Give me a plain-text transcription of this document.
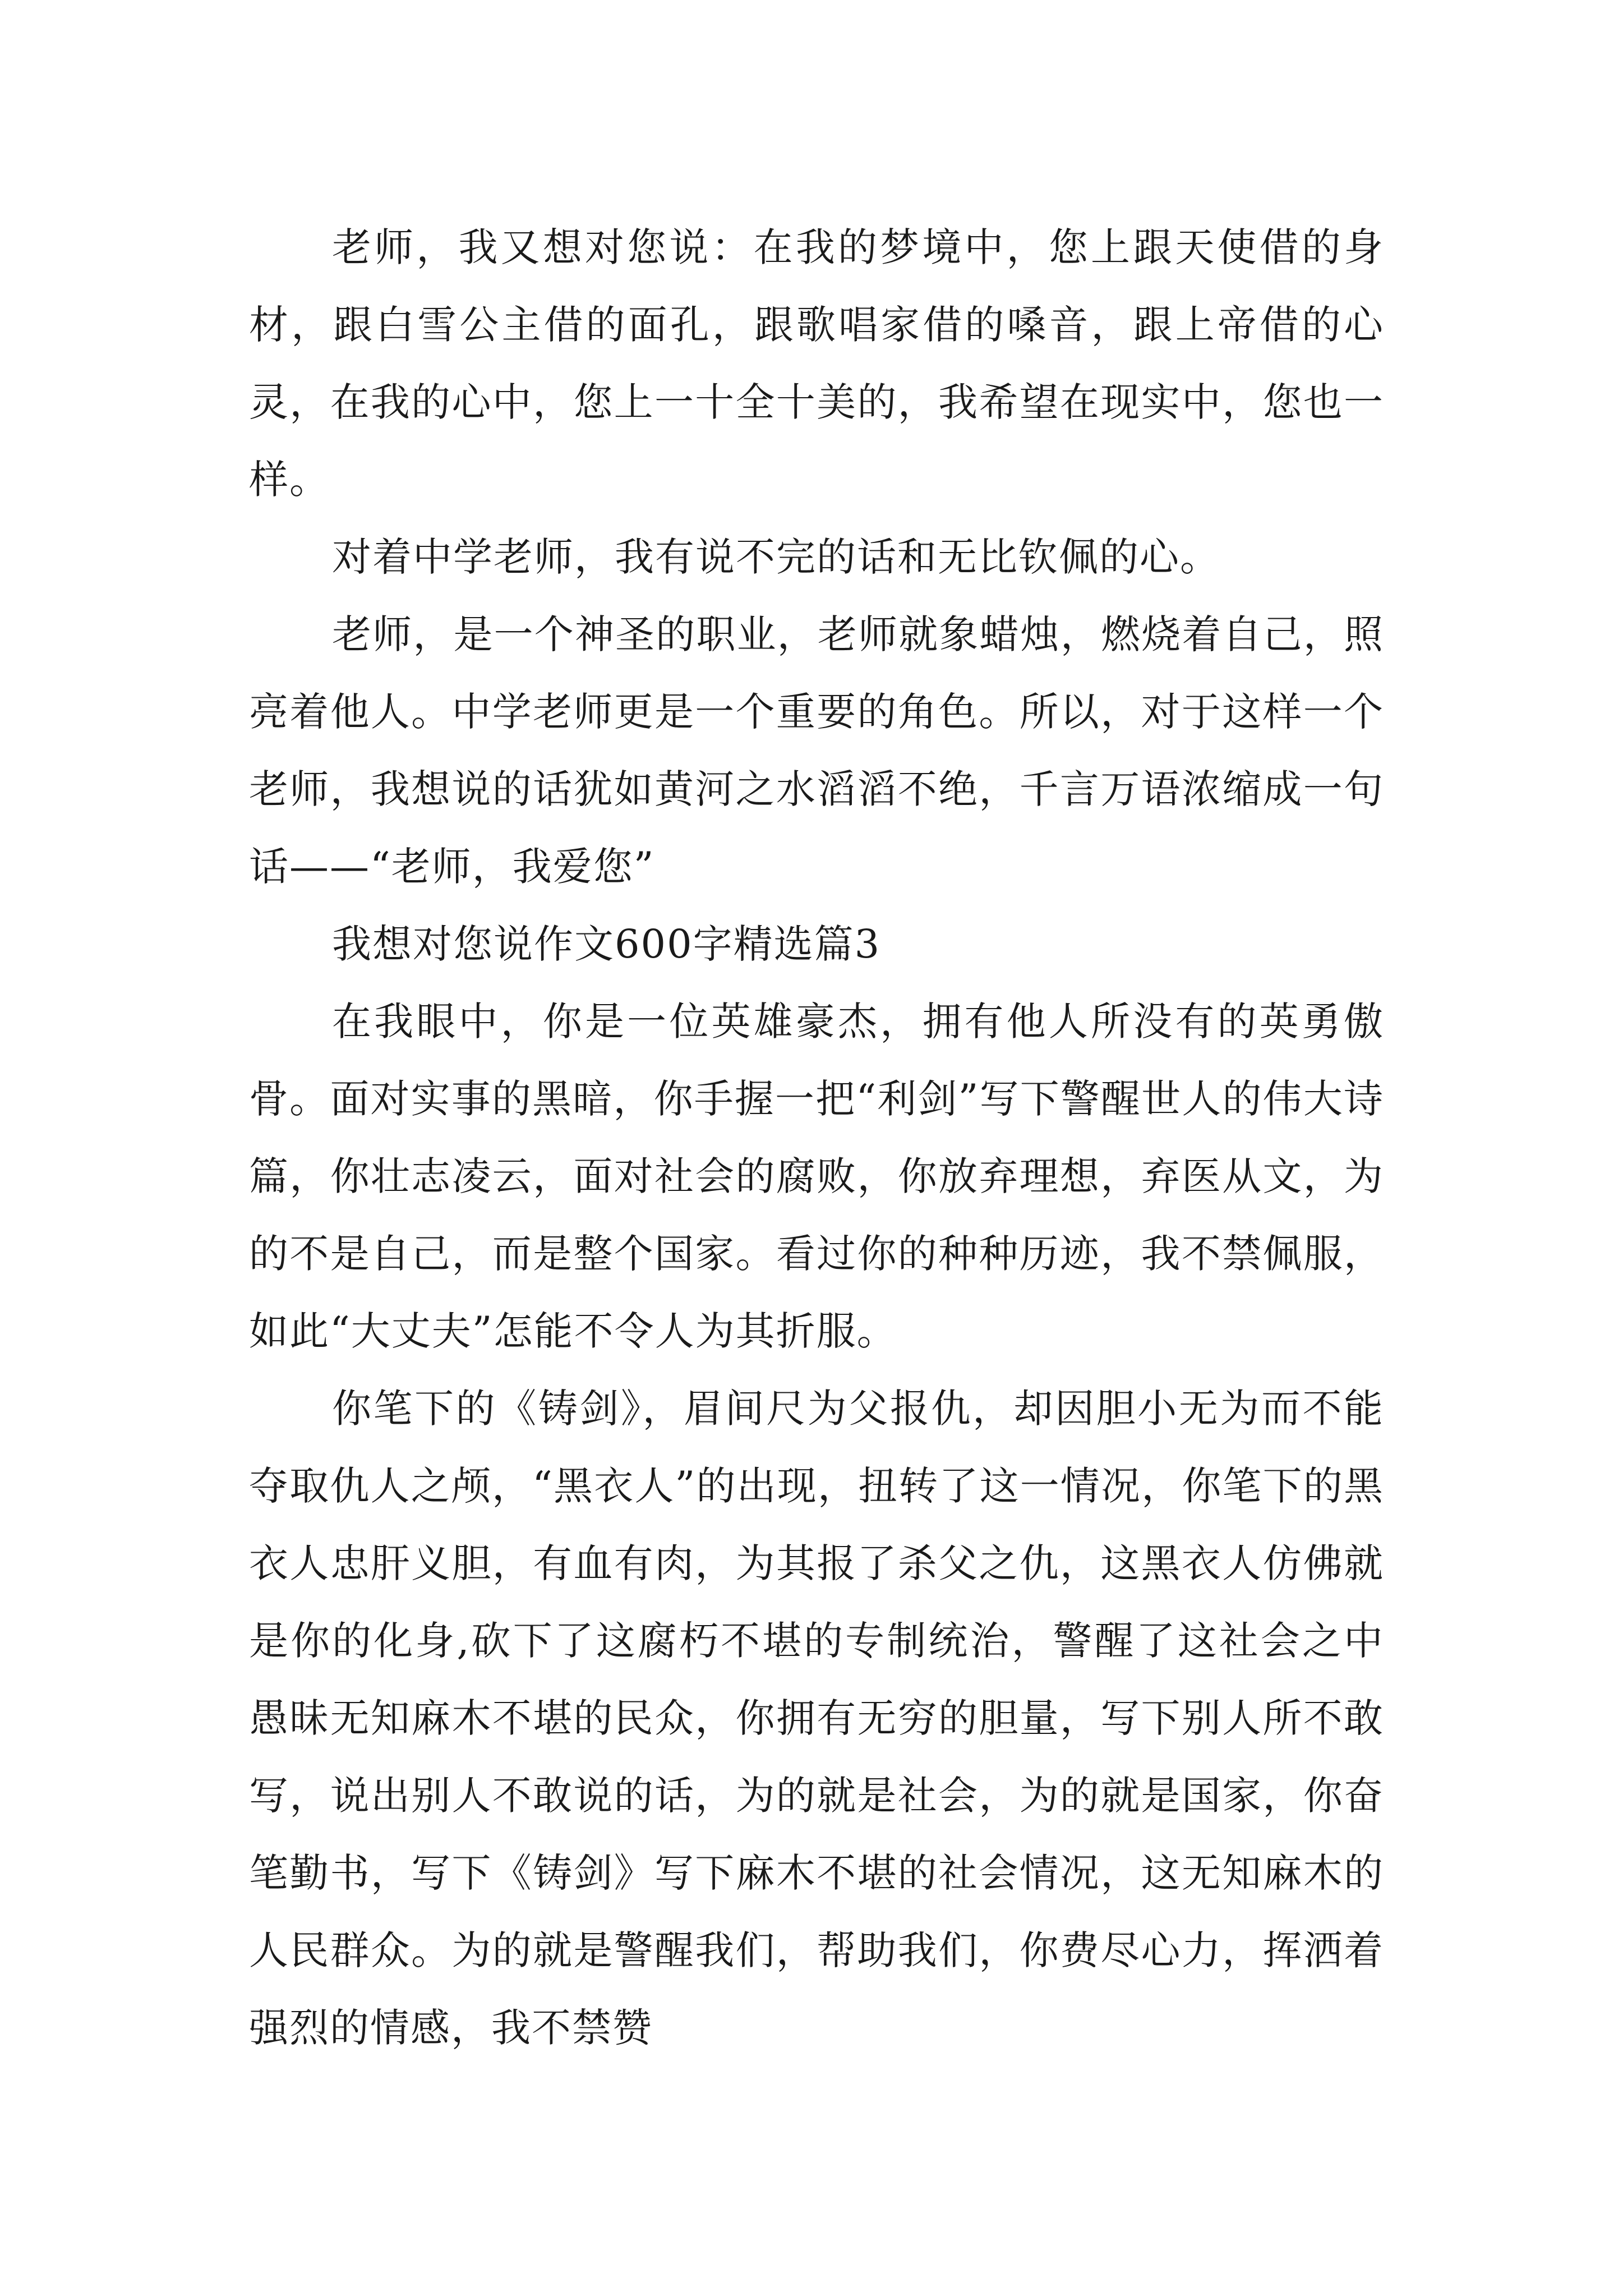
老师，我又想对您说：在我的梦境中，您上跟天使借的身材，跟白雪公主借的面孔，跟歌唱家借的嗓音，跟上帝借的心灵，在我的心中，您上一十全十美的，我希望在现实中，您也一样。

对着中学老师，我有说不完的话和无比钦佩的心。

老师，是一个神圣的职业，老师就象蜡烛，燃烧着自己，照亮着他人。中学老师更是一个重要的角色。所以，对于这样一个老师，我想说的话犹如黄河之水滔滔不绝，千言万语浓缩成一句话——“老师，我爱您”

我想对您说作文600字精选篇3

在我眼中，你是一位英雄豪杰，拥有他人所没有的英勇傲骨。面对实事的黑暗，你手握一把“利剑”写下警醒世人的伟大诗篇，你壮志凌云，面对社会的腐败，你放弃理想，弃医从文，为的不是自己，而是整个国家。看过你的种种历迹，我不禁佩服，如此“大丈夫”怎能不令人为其折服。

你笔下的《铸剑》，眉间尺为父报仇，却因胆小无为而不能夺取仇人之颅，“黑衣人”的出现，扭转了这一情况，你笔下的黑衣人忠肝义胆，有血有肉，为其报了杀父之仇，这黑衣人仿佛就是你的化身,砍下了这腐朽不堪的专制统治，警醒了这社会之中愚昧无知麻木不堪的民众，你拥有无穷的胆量，写下别人所不敢写，说出别人不敢说的话，为的就是社会，为的就是国家，你奋笔勤书，写下《铸剑》写下麻木不堪的社会情况，这无知麻木的人民群众。为的就是警醒我们，帮助我们，你费尽心力，挥洒着强烈的情感，我不禁赞
